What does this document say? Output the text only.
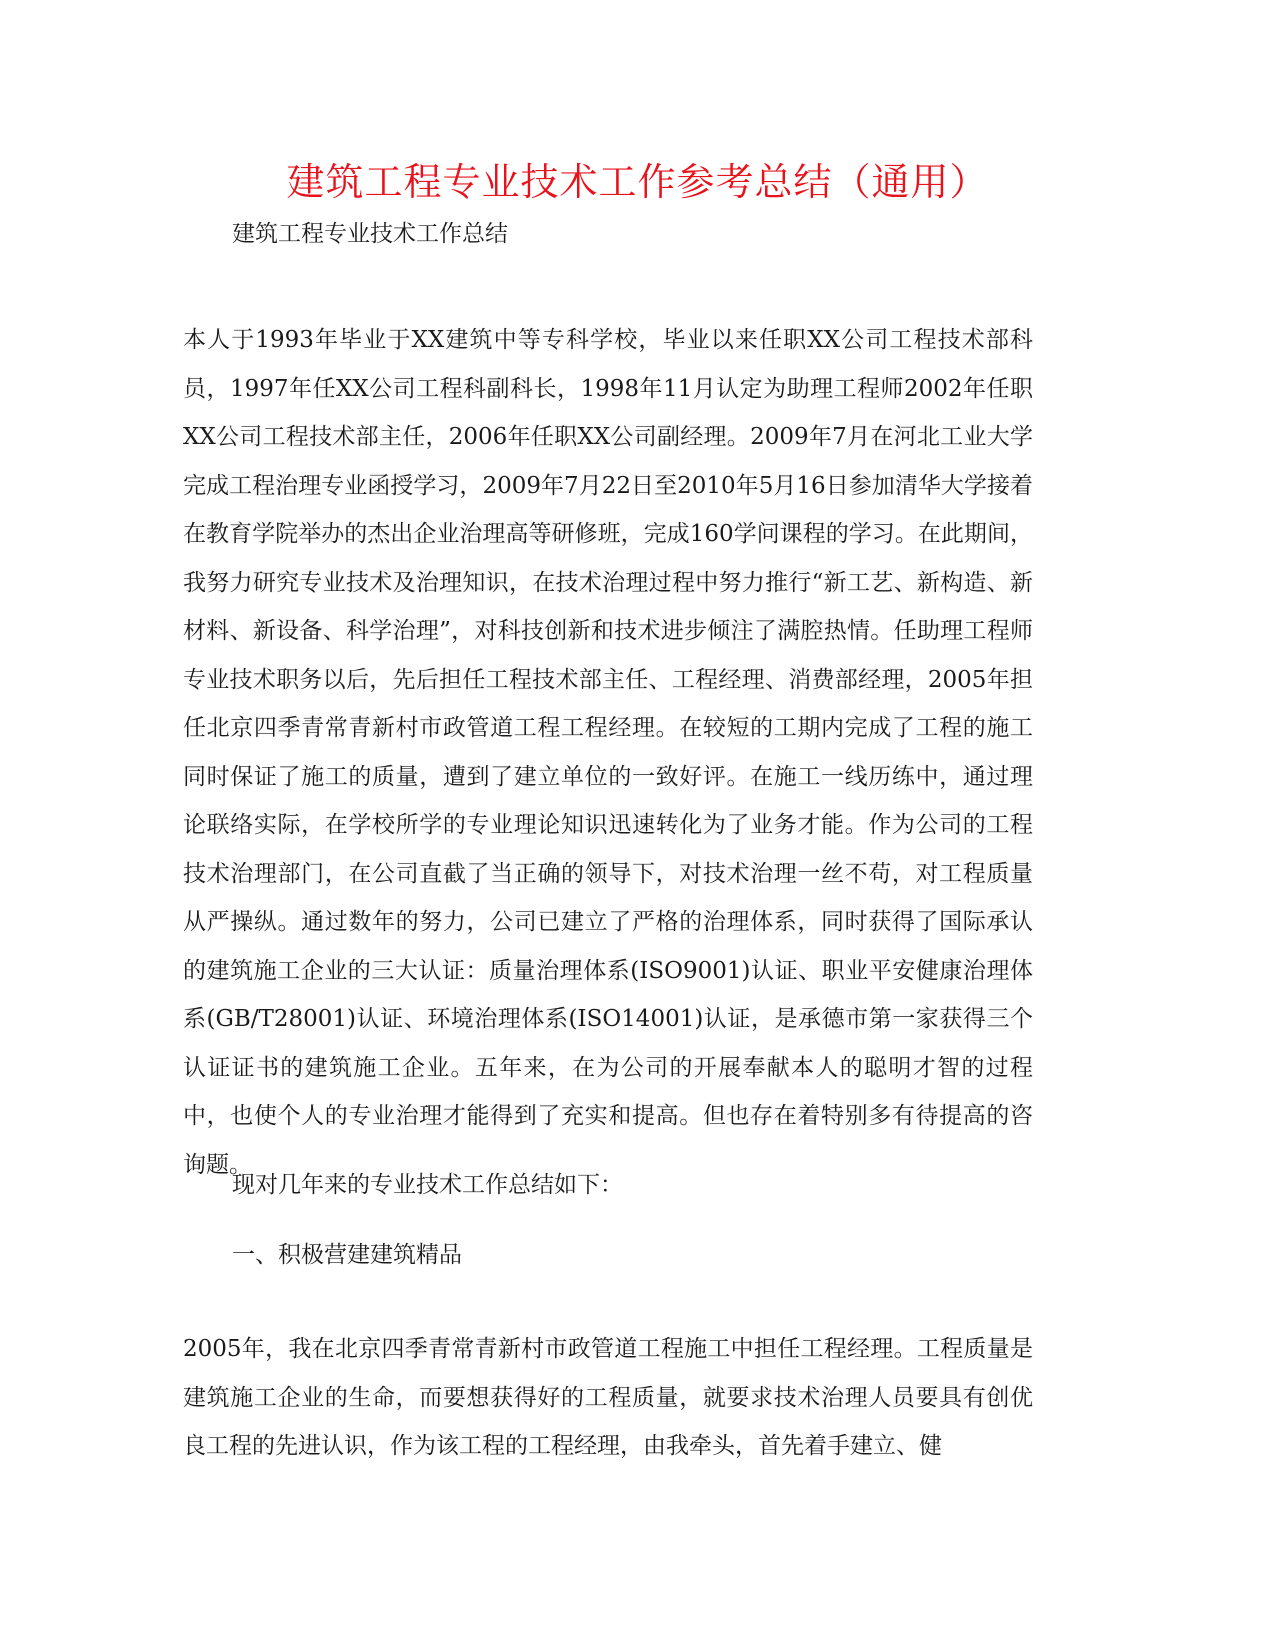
建筑工程专业技术工作参考总结（通用）
建筑工程专业技术工作总结

本人于1993年毕业于XX建筑中等专科学校，毕业以来任职XX公司工程技术部科员，1997年任XX公司工程科副科长，1998年11月认定为助理工程师2002年任职XX公司工程技术部主任，2006年任职XX公司副经理。2009年7月在河北工业大学完成工程治理专业函授学习，2009年7月22日至2010年5月16日参加清华大学接着在教育学院举办的杰出企业治理高等研修班，完成160学问课程的学习。在此期间，我努力研究专业技术及治理知识，在技术治理过程中努力推行“新工艺、新构造、新材料、新设备、科学治理”，对科技创新和技术进步倾注了满腔热情。任助理工程师专业技术职务以后，先后担任工程技术部主任、工程经理、消费部经理，2005年担任北京四季青常青新村市政管道工程工程经理。在较短的工期内完成了工程的施工同时保证了施工的质量，遭到了建立单位的一致好评。在施工一线历练中，通过理论联络实际，在学校所学的专业理论知识迅速转化为了业务才能。作为公司的工程技术治理部门，在公司直截了当正确的领导下，对技术治理一丝不苟，对工程质量从严操纵。通过数年的努力，公司已建立了严格的治理体系，同时获得了国际承认的建筑施工企业的三大认证：质量治理体系(ISO9001)认证、职业平安健康治理体系(GB/T28001)认证、环境治理体系(ISO14001)认证，是承德市第一家获得三个认证证书的建筑施工企业。五年来，在为公司的开展奉献本人的聪明才智的过程中，也使个人的专业治理才能得到了充实和提高。但也存在着特别多有待提高的咨询题。

现对几年来的专业技术工作总结如下：
一、积极营建建筑精品

2005年，我在北京四季青常青新村市政管道工程施工中担任工程经理。工程质量是建筑施工企业的生命，而要想获得好的工程质量，就要求技术治理人员要具有创优良工程的先进认识，作为该工程的工程经理，由我牵头，首先着手建立、健
